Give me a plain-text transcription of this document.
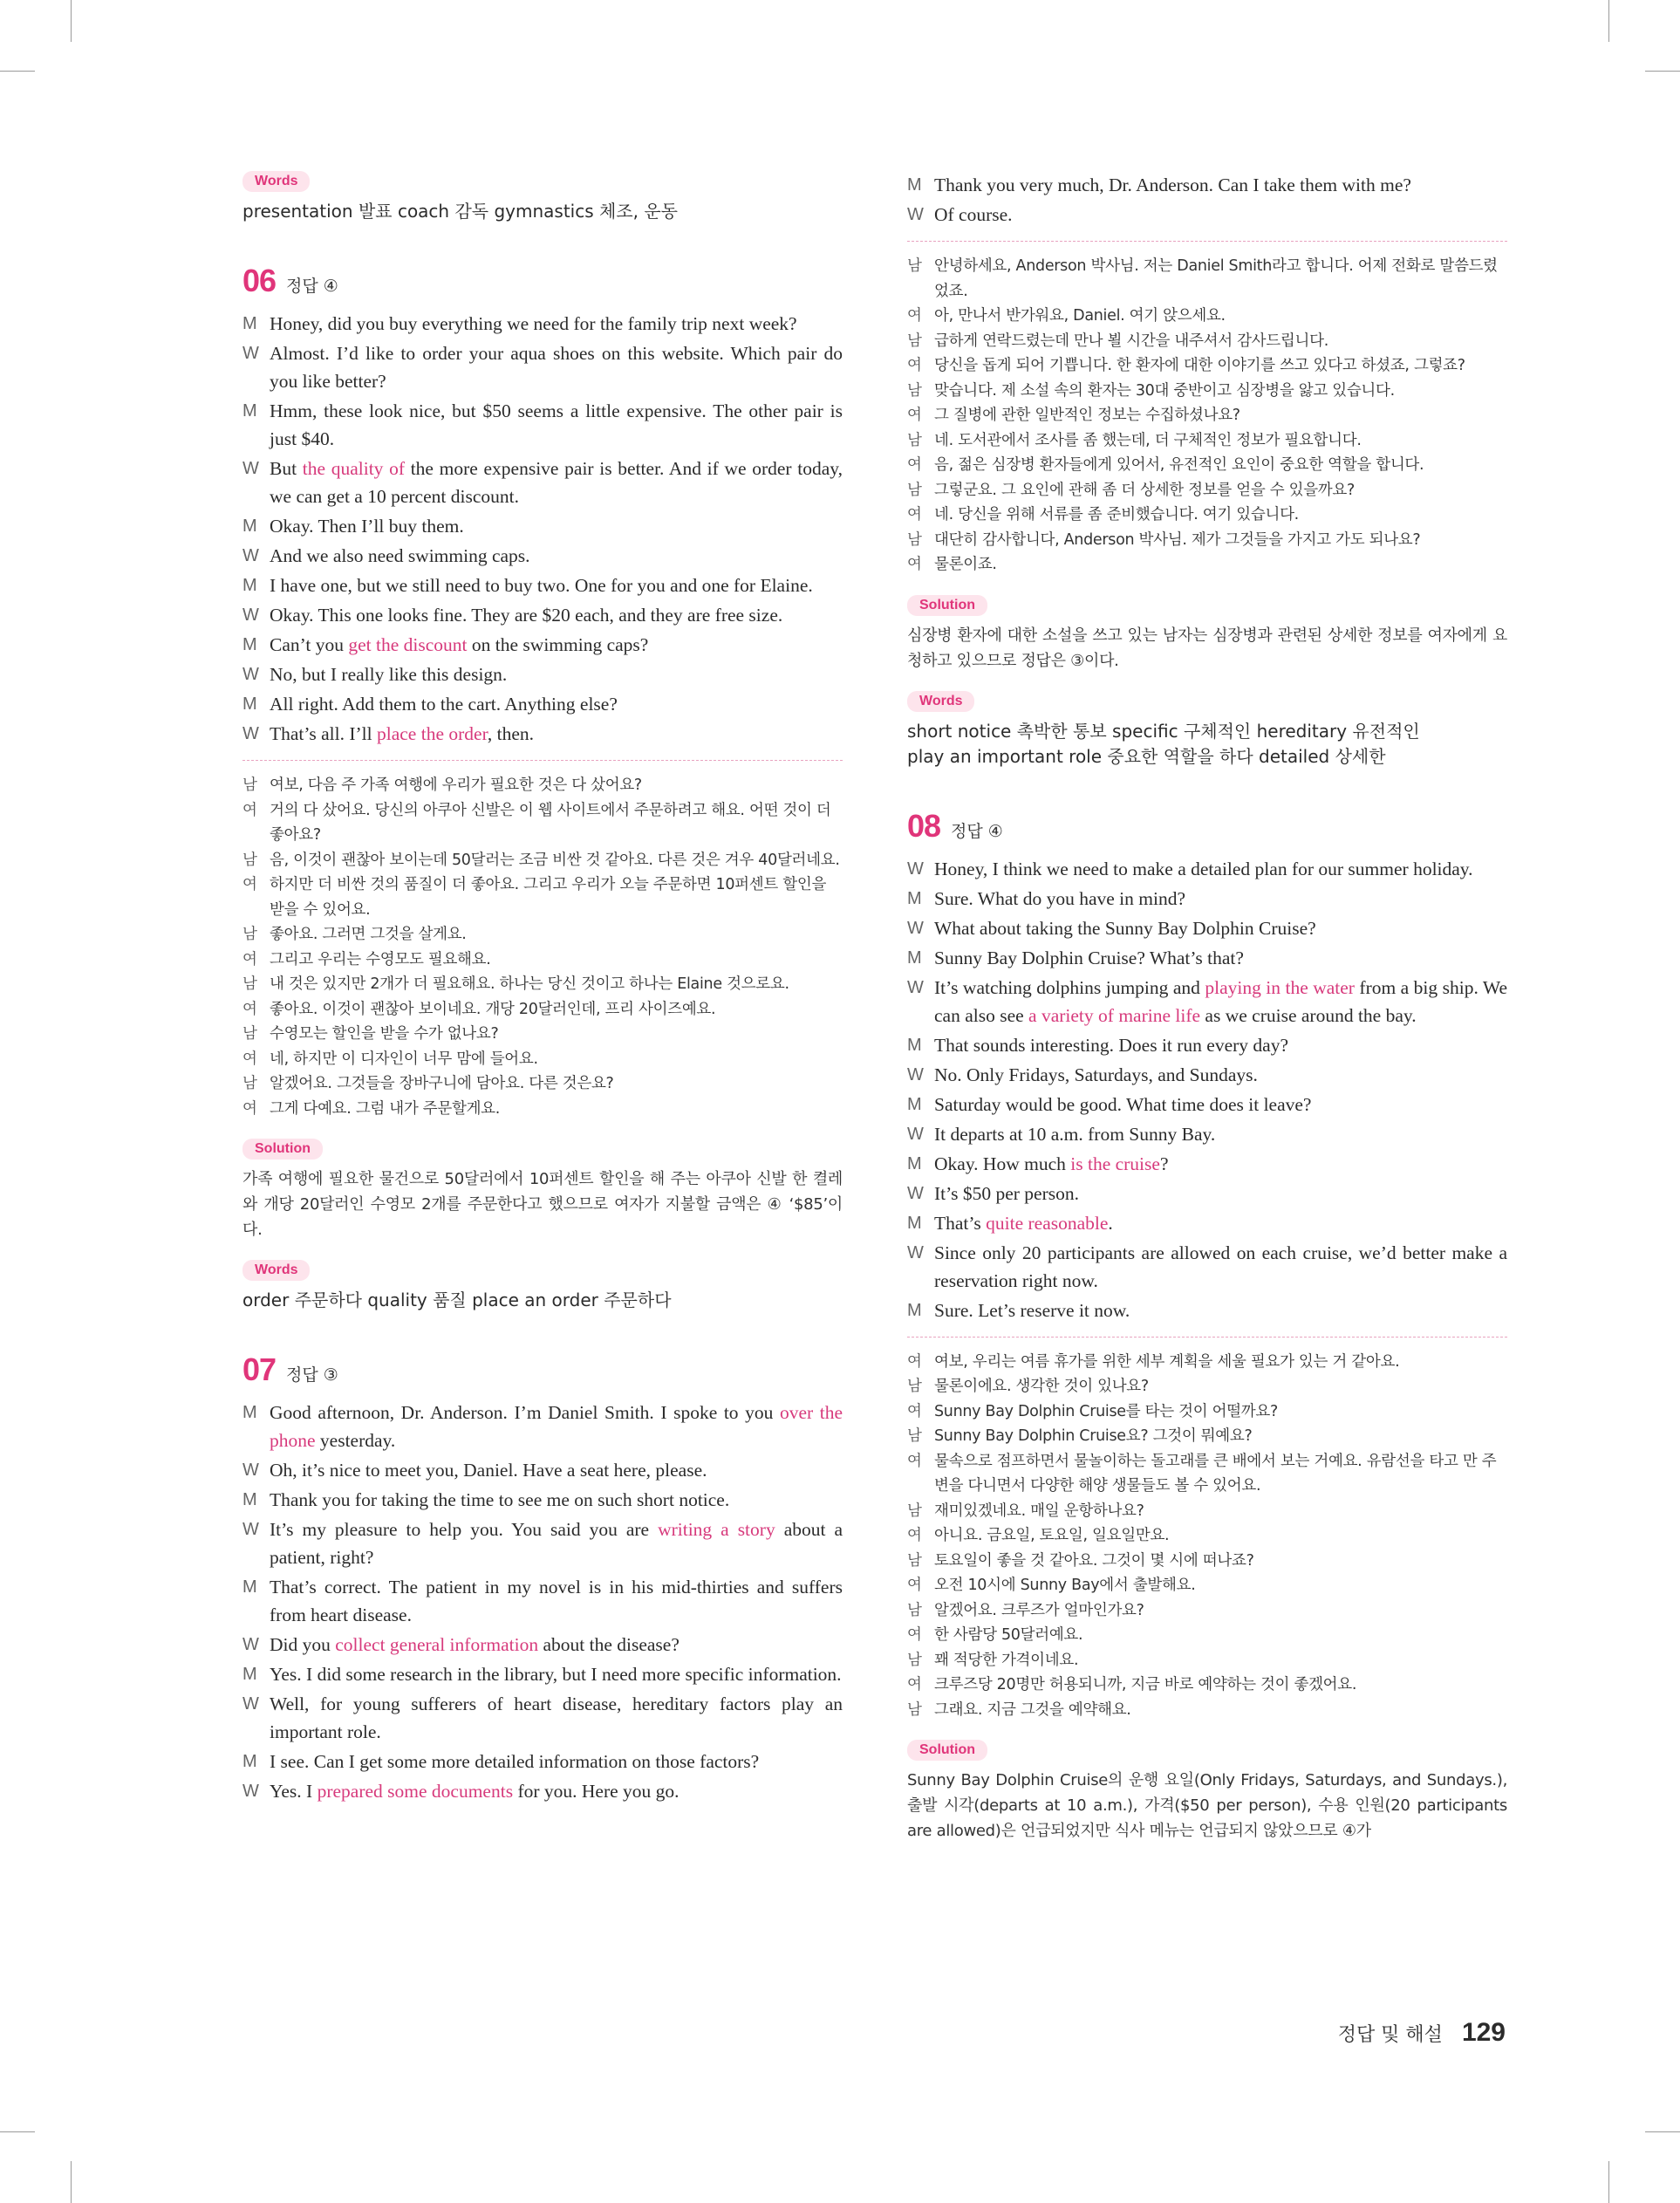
Words
presentation 발표 coach 감독 gymnastics 체조, 운동
06 정답 ④
M Honey, did you buy everything we need for the family trip next week?
W Almost. I’d like to order your aqua shoes on this website. Which pair do you like better?
M Hmm, these look nice, but $50 seems a little expensive. The other pair is just $40.
W But the quality of the more expensive pair is better. And if we order today, we can get a 10 percent discount.
M Okay. Then I’ll buy them.
W And we also need swimming caps.
M I have one, but we still need to buy two. One for you and one for Elaine.
W Okay. This one looks fine. They are $20 each, and they are free size.
M Can’t you get the discount on the swimming caps?
W No, but I really like this design.
M All right. Add them to the cart. Anything else?
W That’s all. I’ll place the order, then.
남 여보, 다음 주 가족 여행에 우리가 필요한 것은 다 샀어요?
여 거의 다 샀어요. 당신의 아쿠아 신발은 이 웹 사이트에서 주문하려고 해요. 어떤 것이 더 좋아요?
남 음, 이것이 괜찮아 보이는데 50달러는 조금 비싼 것 같아요. 다른 것은 겨우 40달러네요.
여 하지만 더 비싼 것의 품질이 더 좋아요. 그리고 우리가 오늘 주문하면 10퍼센트 할인을 받을 수 있어요.
남 좋아요. 그러면 그것을 살게요.
여 그리고 우리는 수영모도 필요해요.
남 내 것은 있지만 2개가 더 필요해요. 하나는 당신 것이고 하나는 Elaine 것으로요.
여 좋아요. 이것이 괜찮아 보이네요. 개당 20달러인데, 프리 사이즈예요.
남 수영모는 할인을 받을 수가 없나요?
여 네, 하지만 이 디자인이 너무 맘에 들어요.
남 알겠어요. 그것들을 장바구니에 담아요. 다른 것은요?
여 그게 다예요. 그럼 내가 주문할게요.
Solution
가족 여행에 필요한 물건으로 50달러에서 10퍼센트 할인을 해 주는 아쿠아 신발 한 켤레와 개당 20달러인 수영모 2개를 주문한다고 했으므로 여자가 지불할 금액은 ④ ‘$85’이다.
Words
order 주문하다 quality 품질 place an order 주문하다
07 정답 ③
M Good afternoon, Dr. Anderson. I’m Daniel Smith. I spoke to you over the phone yesterday.
W Oh, it’s nice to meet you, Daniel. Have a seat here, please.
M Thank you for taking the time to see me on such short notice.
W It’s my pleasure to help you. You said you are writing a story about a patient, right?
M That’s correct. The patient in my novel is in his mid-thirties and suffers from heart disease.
W Did you collect general information about the disease?
M Yes. I did some research in the library, but I need more specific information.
W Well, for young sufferers of heart disease, hereditary factors play an important role.
M I see. Can I get some more detailed information on those factors?
W Yes. I prepared some documents for you. Here you go.
M Thank you very much, Dr. Anderson. Can I take them with me?
W Of course.
남 안녕하세요, Anderson 박사님. 저는 Daniel Smith라고 합니다. 어제 전화로 말씀드렸었죠.
여 아, 만나서 반가워요, Daniel. 여기 앉으세요.
남 급하게 연락드렸는데 만나 뵐 시간을 내주셔서 감사드립니다.
여 당신을 돕게 되어 기쁩니다. 한 환자에 대한 이야기를 쓰고 있다고 하셨죠, 그렇죠?
남 맞습니다. 제 소설 속의 환자는 30대 중반이고 심장병을 앓고 있습니다.
여 그 질병에 관한 일반적인 정보는 수집하셨나요?
남 네. 도서관에서 조사를 좀 했는데, 더 구체적인 정보가 필요합니다.
여 음, 젊은 심장병 환자들에게 있어서, 유전적인 요인이 중요한 역할을 합니다.
남 그렇군요. 그 요인에 관해 좀 더 상세한 정보를 얻을 수 있을까요?
여 네. 당신을 위해 서류를 좀 준비했습니다. 여기 있습니다.
남 대단히 감사합니다, Anderson 박사님. 제가 그것들을 가지고 가도 되나요?
여 물론이죠.
Solution
심장병 환자에 대한 소설을 쓰고 있는 남자는 심장병과 관련된 상세한 정보를 여자에게 요청하고 있으므로 정답은 ③이다.
Words
short notice 촉박한 통보 specific 구체적인 hereditary 유전적인
play an important role 중요한 역할을 하다 detailed 상세한
08 정답 ④
W Honey, I think we need to make a detailed plan for our summer holiday.
M Sure. What do you have in mind?
W What about taking the Sunny Bay Dolphin Cruise?
M Sunny Bay Dolphin Cruise? What’s that?
W It’s watching dolphins jumping and playing in the water from a big ship. We can also see a variety of marine life as we cruise around the bay.
M That sounds interesting. Does it run every day?
W No. Only Fridays, Saturdays, and Sundays.
M Saturday would be good. What time does it leave?
W It departs at 10 a.m. from Sunny Bay.
M Okay. How much is the cruise?
W It’s $50 per person.
M That’s quite reasonable.
W Since only 20 participants are allowed on each cruise, we’d better make a reservation right now.
M Sure. Let’s reserve it now.
여 여보, 우리는 여름 휴가를 위한 세부 계획을 세울 필요가 있는 거 같아요.
남 물론이에요. 생각한 것이 있나요?
여 Sunny Bay Dolphin Cruise를 타는 것이 어떨까요?
남 Sunny Bay Dolphin Cruise요? 그것이 뭐예요?
여 물속으로 점프하면서 물놀이하는 돌고래를 큰 배에서 보는 거예요. 유람선을 타고 만 주변을 다니면서 다양한 해양 생물들도 볼 수 있어요.
남 재미있겠네요. 매일 운항하나요?
여 아니요. 금요일, 토요일, 일요일만요.
남 토요일이 좋을 것 같아요. 그것이 몇 시에 떠나죠?
여 오전 10시에 Sunny Bay에서 출발해요.
남 알겠어요. 크루즈가 얼마인가요?
여 한 사람당 50달러예요.
남 꽤 적당한 가격이네요.
여 크루즈당 20명만 허용되니까, 지금 바로 예약하는 것이 좋겠어요.
남 그래요. 지금 그것을 예약해요.
Solution
Sunny Bay Dolphin Cruise의 운행 요일(Only Fridays, Saturdays, and Sundays.), 출발 시각(departs at 10 a.m.), 가격($50 per person), 수용 인원(20 participants are allowed)은 언급되었지만 식사 메뉴는 언급되지 않았으므로 ④가
정답 및 해설 129
